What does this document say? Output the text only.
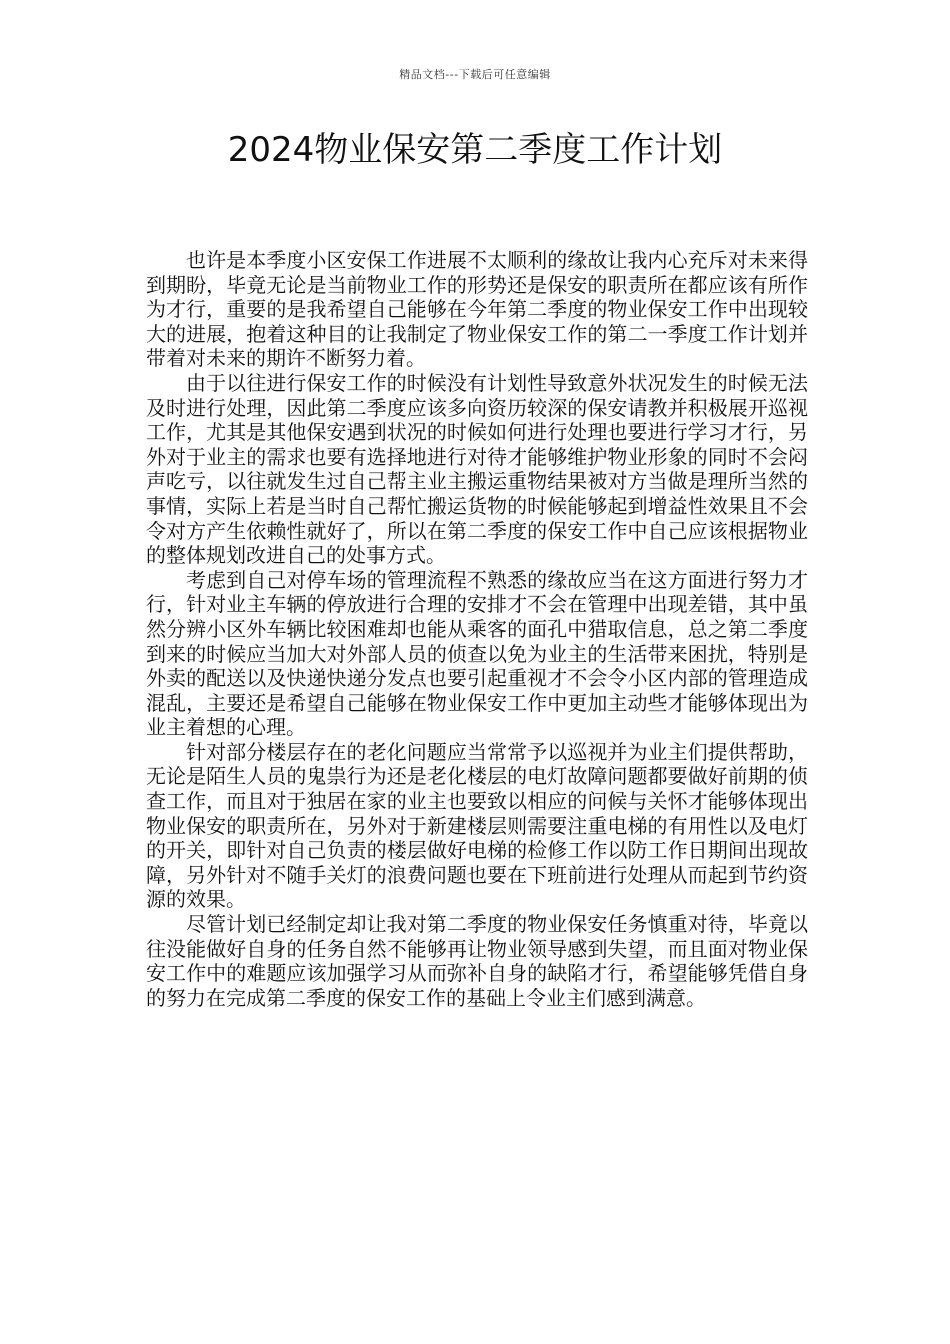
精品文档---下载后可任意编辑
2024物业保安第二季度工作计划

也许是本季度小区安保工作进展不太顺利的缘故让我内心充斥对未来得到期盼，毕竟无论是当前物业工作的形势还是保安的职责所在都应该有所作为才行，重要的是我希望自己能够在今年第二季度的物业保安工作中出现较大的进展，抱着这种目的让我制定了物业保安工作的第二一季度工作计划并带着对未来的期许不断努力着。

由于以往进行保安工作的时候没有计划性导致意外状况发生的时候无法及时进行处理，因此第二季度应该多向资历较深的保安请教并积极展开巡视工作，尤其是其他保安遇到状况的时候如何进行处理也要进行学习才行，另外对于业主的需求也要有选择地进行对待才能够维护物业形象的同时不会闷声吃亏，以往就发生过自己帮主业主搬运重物结果被对方当做是理所当然的事情，实际上若是当时自己帮忙搬运货物的时候能够起到增益性效果且不会令对方产生依赖性就好了，所以在第二季度的保安工作中自己应该根据物业的整体规划改进自己的处事方式。

考虑到自己对停车场的管理流程不熟悉的缘故应当在这方面进行努力才行，针对业主车辆的停放进行合理的安排才不会在管理中出现差错，其中虽然分辨小区外车辆比较困难却也能从乘客的面孔中猎取信息，总之第二季度到来的时候应当加大对外部人员的侦查以免为业主的生活带来困扰，特别是外卖的配送以及快递快递分发点也要引起重视才不会令小区内部的管理造成混乱，主要还是希望自己能够在物业保安工作中更加主动些才能够体现出为业主着想的心理。

针对部分楼层存在的老化问题应当常常予以巡视并为业主们提供帮助，无论是陌生人员的鬼祟行为还是老化楼层的电灯故障问题都要做好前期的侦查工作，而且对于独居在家的业主也要致以相应的问候与关怀才能够体现出物业保安的职责所在，另外对于新建楼层则需要注重电梯的有用性以及电灯的开关，即针对自己负责的楼层做好电梯的检修工作以防工作日期间出现故障，另外针对不随手关灯的浪费问题也要在下班前进行处理从而起到节约资源的效果。

尽管计划已经制定却让我对第二季度的物业保安任务慎重对待，毕竟以往没能做好自身的任务自然不能够再让物业领导感到失望，而且面对物业保安工作中的难题应该加强学习从而弥补自身的缺陷才行，希望能够凭借自身的努力在完成第二季度的保安工作的基础上令业主们感到满意。
